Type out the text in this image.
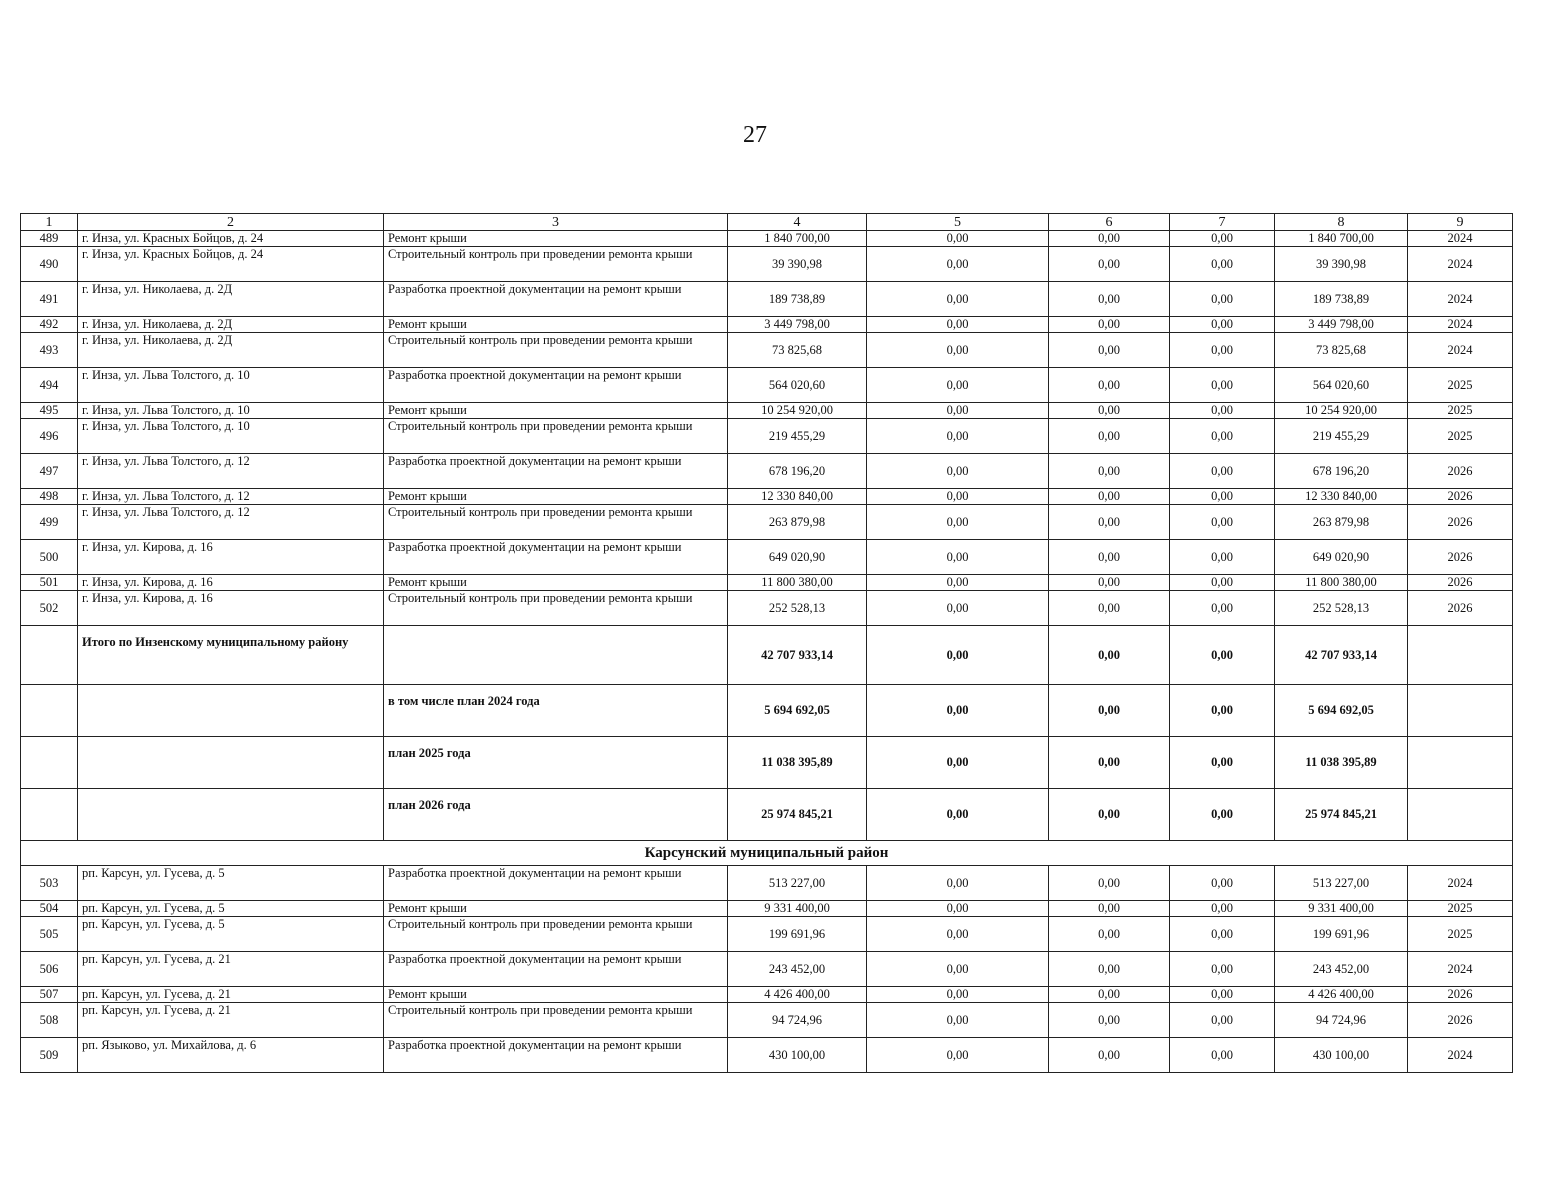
27
1	2	3	4	5	6	7	8	9
489	г. Инза, ул. Красных Бойцов, д. 24	Ремонт крыши	1 840 700,00	0,00	0,00	0,00	1 840 700,00	2024
490	г. Инза, ул. Красных Бойцов, д. 24	Строительный контроль при проведении ремонта крыши	39 390,98	0,00	0,00	0,00	39 390,98	2024
491	г. Инза, ул. Николаева, д. 2Д	Разработка проектной документации на ремонт крыши	189 738,89	0,00	0,00	0,00	189 738,89	2024
492	г. Инза, ул. Николаева, д. 2Д	Ремонт крыши	3 449 798,00	0,00	0,00	0,00	3 449 798,00	2024
493	г. Инза, ул. Николаева, д. 2Д	Строительный контроль при проведении ремонта крыши	73 825,68	0,00	0,00	0,00	73 825,68	2024
494	г. Инза, ул. Льва Толстого, д. 10	Разработка проектной документации на ремонт крыши	564 020,60	0,00	0,00	0,00	564 020,60	2025
495	г. Инза, ул. Льва Толстого, д. 10	Ремонт крыши	10 254 920,00	0,00	0,00	0,00	10 254 920,00	2025
496	г. Инза, ул. Льва Толстого, д. 10	Строительный контроль при проведении ремонта крыши	219 455,29	0,00	0,00	0,00	219 455,29	2025
497	г. Инза, ул. Льва Толстого, д. 12	Разработка проектной документации на ремонт крыши	678 196,20	0,00	0,00	0,00	678 196,20	2026
498	г. Инза, ул. Льва Толстого, д. 12	Ремонт крыши	12 330 840,00	0,00	0,00	0,00	12 330 840,00	2026
499	г. Инза, ул. Льва Толстого, д. 12	Строительный контроль при проведении ремонта крыши	263 879,98	0,00	0,00	0,00	263 879,98	2026
500	г. Инза, ул. Кирова, д. 16	Разработка проектной документации на ремонт крыши	649 020,90	0,00	0,00	0,00	649 020,90	2026
501	г. Инза, ул. Кирова, д. 16	Ремонт крыши	11 800 380,00	0,00	0,00	0,00	11 800 380,00	2026
502	г. Инза, ул. Кирова, д. 16	Строительный контроль при проведении ремонта крыши	252 528,13	0,00	0,00	0,00	252 528,13	2026

	Итого по Инзенскому муниципальному району		42 707 933,14	0,00	0,00	0,00	42 707 933,14	

		в том числе план 2024 года	5 694 692,05	0,00	0,00	0,00	5 694 692,05	

		план 2025 года	11 038 395,89	0,00	0,00	0,00	11 038 395,89	

		план 2026 года	25 974 845,21	0,00	0,00	0,00	25 974 845,21	
Карсунский муниципальный район								
503	рп. Карсун, ул. Гусева, д. 5	Разработка проектной документации на ремонт крыши	513 227,00	0,00	0,00	0,00	513 227,00	2024
504	рп. Карсун, ул. Гусева, д. 5	Ремонт крыши	9 331 400,00	0,00	0,00	0,00	9 331 400,00	2025
505	рп. Карсун, ул. Гусева, д. 5	Строительный контроль при проведении ремонта крыши	199 691,96	0,00	0,00	0,00	199 691,96	2025
506	рп. Карсун, ул. Гусева, д. 21	Разработка проектной документации на ремонт крыши	243 452,00	0,00	0,00	0,00	243 452,00	2024
507	рп. Карсун, ул. Гусева, д. 21	Ремонт крыши	4 426 400,00	0,00	0,00	0,00	4 426 400,00	2026
508	рп. Карсун, ул. Гусева, д. 21	Строительный контроль при проведении ремонта крыши	94 724,96	0,00	0,00	0,00	94 724,96	2026
509	рп. Языково, ул. Михайлова, д. 6	Разработка проектной документации на ремонт крыши	430 100,00	0,00	0,00	0,00	430 100,00	2024
